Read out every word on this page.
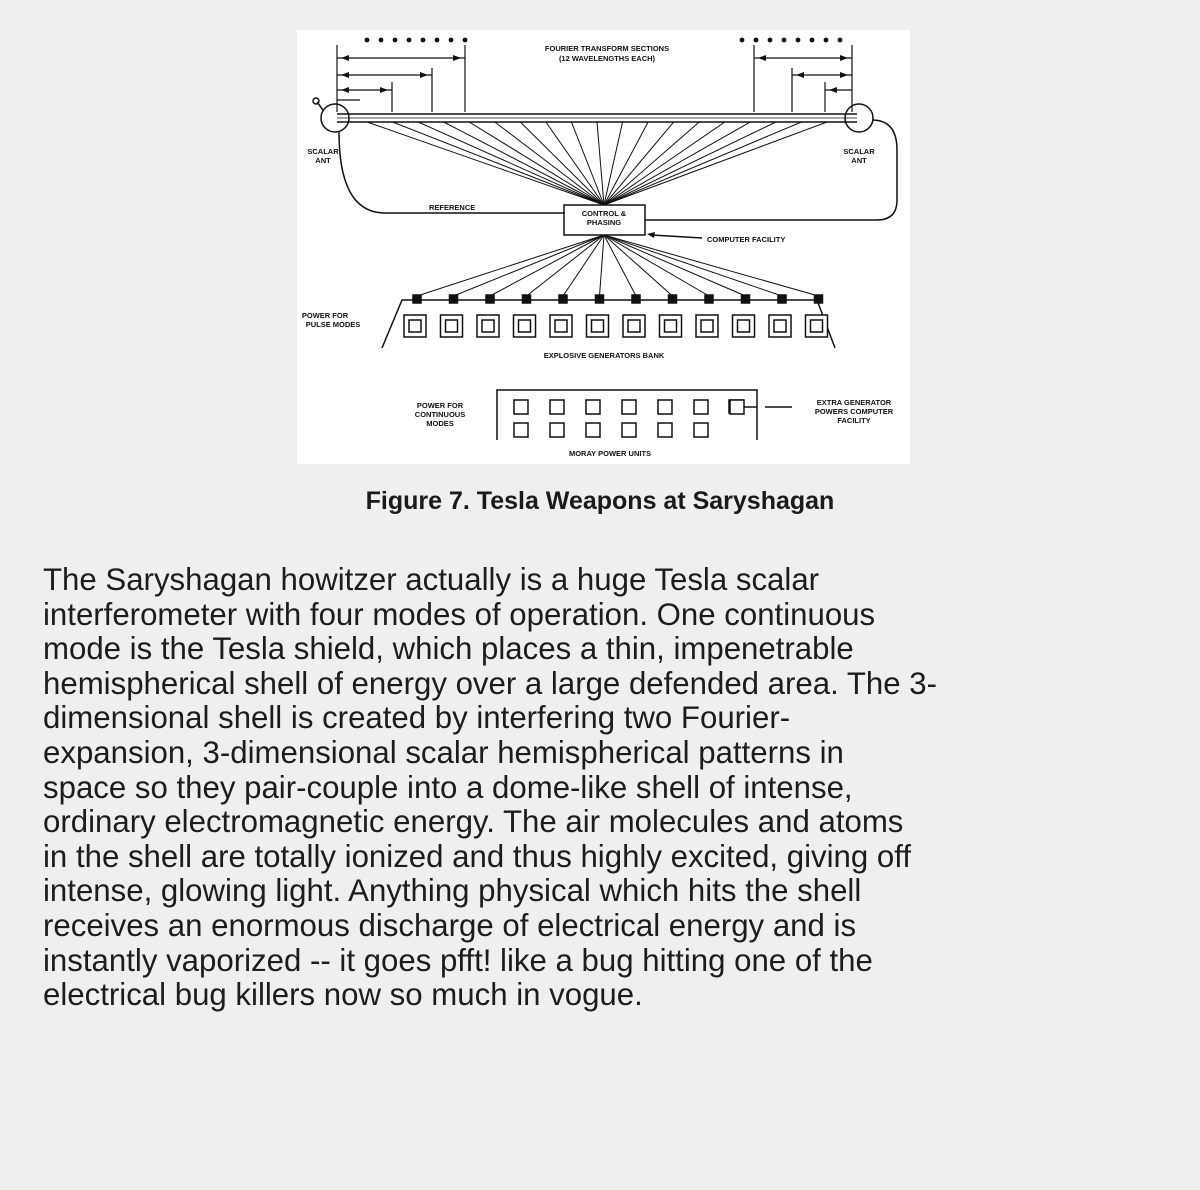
FOURIER TRANSFORM SECTIONS
(12 WAVELENGTHS EACH)
SCALAR
ANT
SCALAR
ANT
REFERENCE
CONTROL &
PHASING
COMPUTER FACILITY
POWER FOR
PULSE MODES
EXPLOSIVE GENERATORS BANK
POWER FOR
CONTINUOUS
MODES
EXTRA GENERATOR
POWERS COMPUTER
FACILITY
MORAY POWER UNITS

Figure 7. Tesla Weapons at Saryshagan

The Saryshagan howitzer actually is a huge Tesla scalar
interferometer with four modes of operation. One continuous
mode is the Tesla shield, which places a thin, impenetrable
hemispherical shell of energy over a large defended area. The 3-
dimensional shell is created by interfering two Fourier-
expansion, 3-dimensional scalar hemispherical patterns in
space so they pair-couple into a dome-like shell of intense,
ordinary electromagnetic energy. The air molecules and atoms
in the shell are totally ionized and thus highly excited, giving off
intense, glowing light. Anything physical which hits the shell
receives an enormous discharge of electrical energy and is
instantly vaporized -- it goes pfft! like a bug hitting one of the
electrical bug killers now so much in vogue.
